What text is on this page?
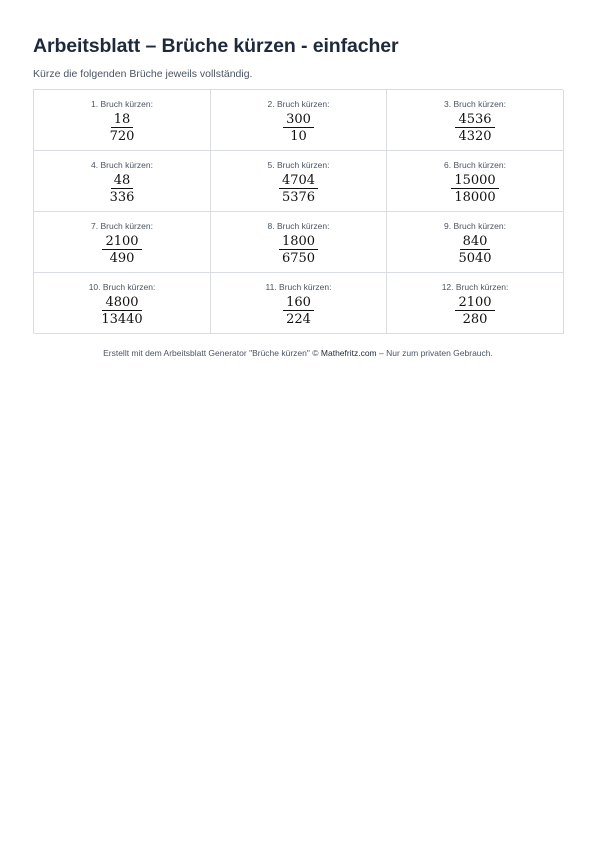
Arbeitsblatt – Brüche kürzen - einfacher

Kürze die folgenden Brüche jeweils vollständig.

1. Bruch kürzen:
$\frac{18}{720}$
2. Bruch kürzen:
$\frac{300}{10}$
3. Bruch kürzen:
$\frac{4536}{4320}$
4. Bruch kürzen:
$\frac{48}{336}$
5. Bruch kürzen:
$\frac{4704}{5376}$
6. Bruch kürzen:
$\frac{15000}{18000}$
7. Bruch kürzen:
$\frac{2100}{490}$
8. Bruch kürzen:
$\frac{1800}{6750}$
9. Bruch kürzen:
$\frac{840}{5040}$
10. Bruch kürzen:
$\frac{4800}{13440}$
11. Bruch kürzen:
$\frac{160}{224}$
12. Bruch kürzen:
$\frac{2100}{280}$

Erstellt mit dem Arbeitsblatt Generator "Brüche kürzen" © Mathefritz.com – Nur zum privaten Gebrauch.
